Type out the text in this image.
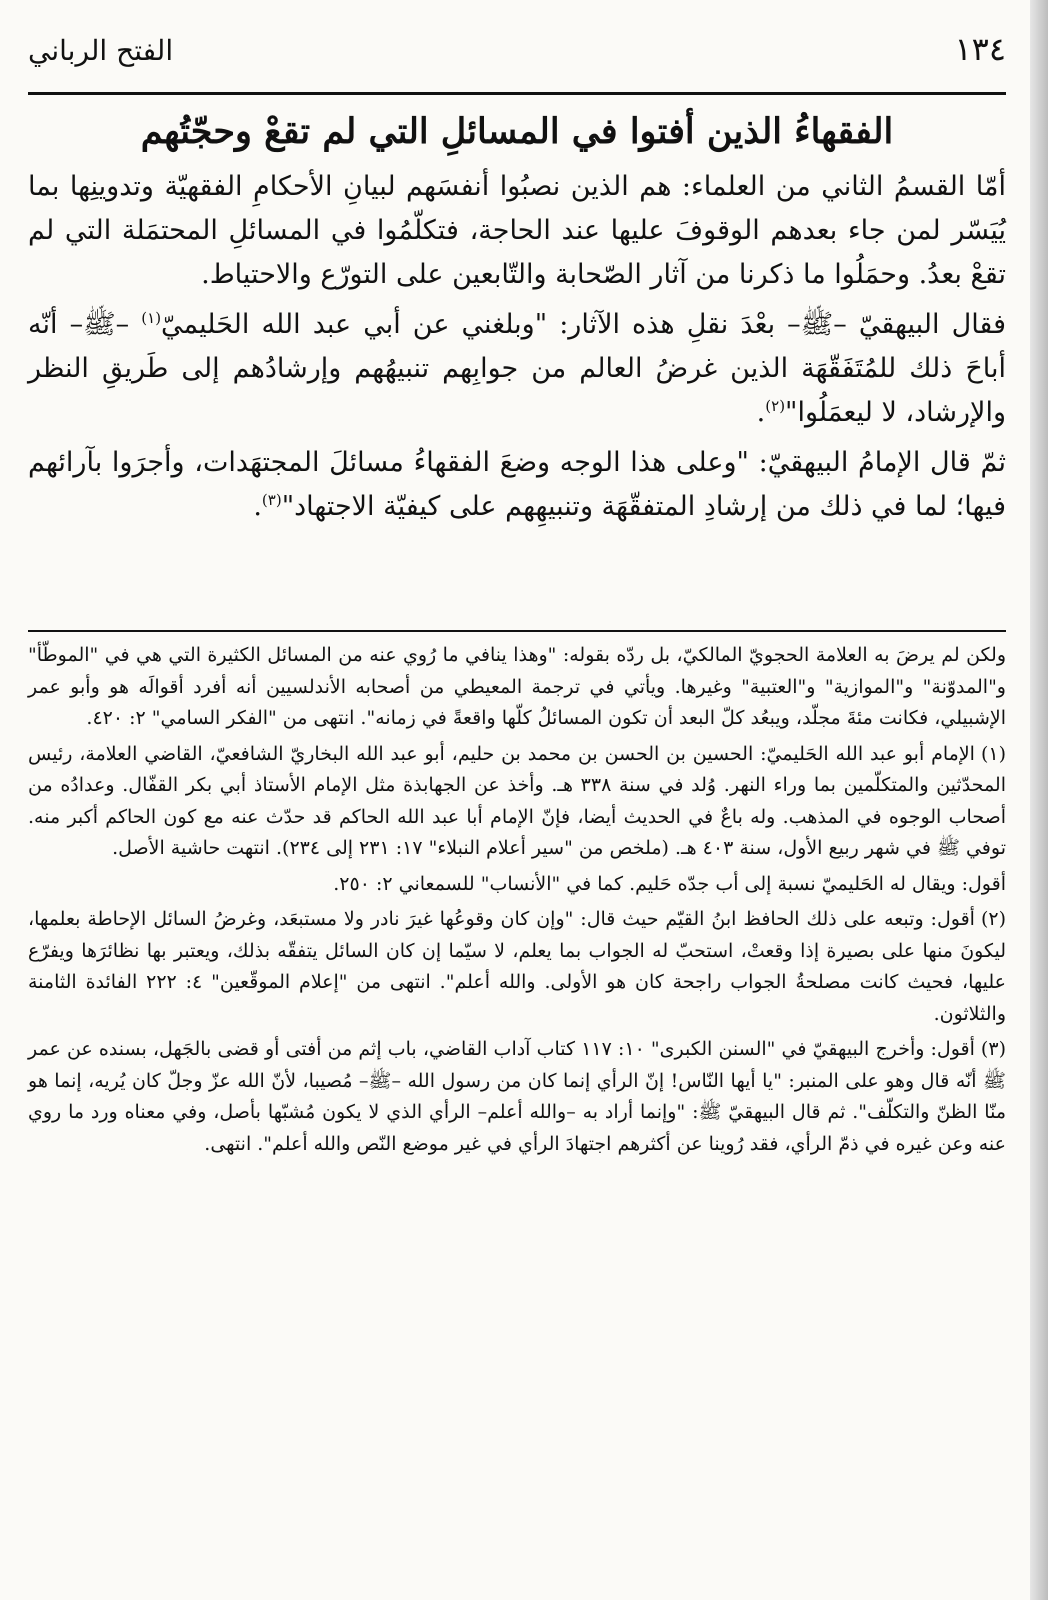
١٣٤
الفتح الرباني
الفقهاءُ الذين أفتوا في المسائلِ التي لم تقعْ وحجّتُهم

أمّا القسمُ الثاني من العلماء: هم الذين نصبُوا أنفسَهم لبيانِ الأحكامِ الفقهيّة وتدوينِها بما يُيَسّر لمن جاء بعدهم الوقوفَ عليها عند الحاجة، فتكلّمُوا في المسائلِ المحتمَلة التي لم تقعْ بعدُ. وحمَلُوا ما ذكرنا من آثار الصّحابة والتّابعين على التورّع والاحتياط.

فقال البيهقيّ –ﷺ– بعْدَ نقلِ هذه الآثار: "وبلغني عن أبي عبد الله الحَليميّ$^{(١)}$ –ﷺ– أنّه أباحَ ذلك للمُتَفَقّهَة الذين غرضُ العالم من جوابِهم تنبيهُهم وإرشادُهم إلى طَريقِ النظر والإرشاد، لا ليعمَلُوا"$^{(٢)}$.

ثمّ قال الإمامُ البيهقيّ: "وعلى هذا الوجه وضعَ الفقهاءُ مسائلَ المجتهَدات، وأجرَوا بآرائهم فيها؛ لما في ذلك من إرشادِ المتفقّهَة وتنبيهِهم على كيفيّة الاجتهاد"$^{(٣)}$.

ولكن لم يرضَ به العلامة الحجويّ المالكيّ، بل ردّه بقوله: "وهذا ينافي ما رُوي عنه من المسائل الكثيرة التي هي في "الموطّأ" و"المدوّنة" و"الموازية" و"العتبية" وغيرها. ويأتي في ترجمة المعيطي من أصحابه الأندلسيين أنه أفرد أقوالَه هو وأبو عمر الإشبيلي، فكانت مئةَ مجلّد، ويبعُد كلّ البعد أن تكون المسائلُ كلّها واقعةً في زمانه". انتهى من "الفكر السامي" ٢: ٤٢٠.

(١)الإمام أبو عبد الله الحَليميّ: الحسين بن الحسن بن محمد بن حليم، أبو عبد الله البخاريّ الشافعيّ، القاضي العلامة، رئيس المحدّثين والمتكلّمين بما وراء النهر. وُلد في سنة ٣٣٨ هـ. وأخذ عن الجهابذة مثل الإمام الأستاذ أبي بكر القفّال. وعدادُه من أصحاب الوجوه في المذهب. وله باعٌ في الحديث أيضا، فإنّ الإمام أبا عبد الله الحاكم قد حدّث عنه مع كون الحاكم أكبر منه. توفي ﷺ في شهر ربيع الأول، سنة ٤٠٣ هـ. (ملخص من "سير أعلام النبلاء" ١٧: ٢٣١ إلى ٢٣٤). انتهت حاشية الأصل.

أقول: ويقال له الحَليميّ نسبة إلى أب جدّه حَليم. كما في "الأنساب" للسمعاني ٢: ٢٥٠.

(٢)أقول: وتبعه على ذلك الحافظ ابنُ القيّم حيث قال: "وإن كان وقوعُها غيرَ نادر ولا مستبعَد، وغرضُ السائل الإحاطة بعلمها، ليكونَ منها على بصيرة إذا وقعتْ، استحبّ له الجواب بما يعلم، لا سيّما إن كان السائل يتفقّه بذلك، ويعتبر بها نظائرَها ويفرّع عليها، فحيث كانت مصلحةُ الجواب راجحة كان هو الأولى. والله أعلم". انتهى من "إعلام الموقّعين" ٤: ٢٢٢ الفائدة الثامنة والثلاثون.

(٣)أقول: وأخرج البيهقيّ في "السنن الكبرى" ١٠: ١١٧ كتاب آداب القاضي، باب إثم من أفتى أو قضى بالجَهل، بسنده عن عمر ﷺ أنّه قال وهو على المنبر: "يا أيها النّاس! إنّ الرأي إنما كان من رسول الله –ﷺ– مُصيبا، لأنّ الله عزّ وجلّ كان يُريه، إنما هو منّا الظنّ والتكلّف". ثم قال البيهقيّ ﷺ: "وإنما أراد به –والله أعلم– الرأي الذي لا يكون مُشبّها بأصل، وفي معناه ورد ما روي عنه وعن غيره في ذمّ الرأي، فقد رُوينا عن أكثرهم اجتهادَ الرأي في غير موضع النّص والله أعلم". انتهى.
